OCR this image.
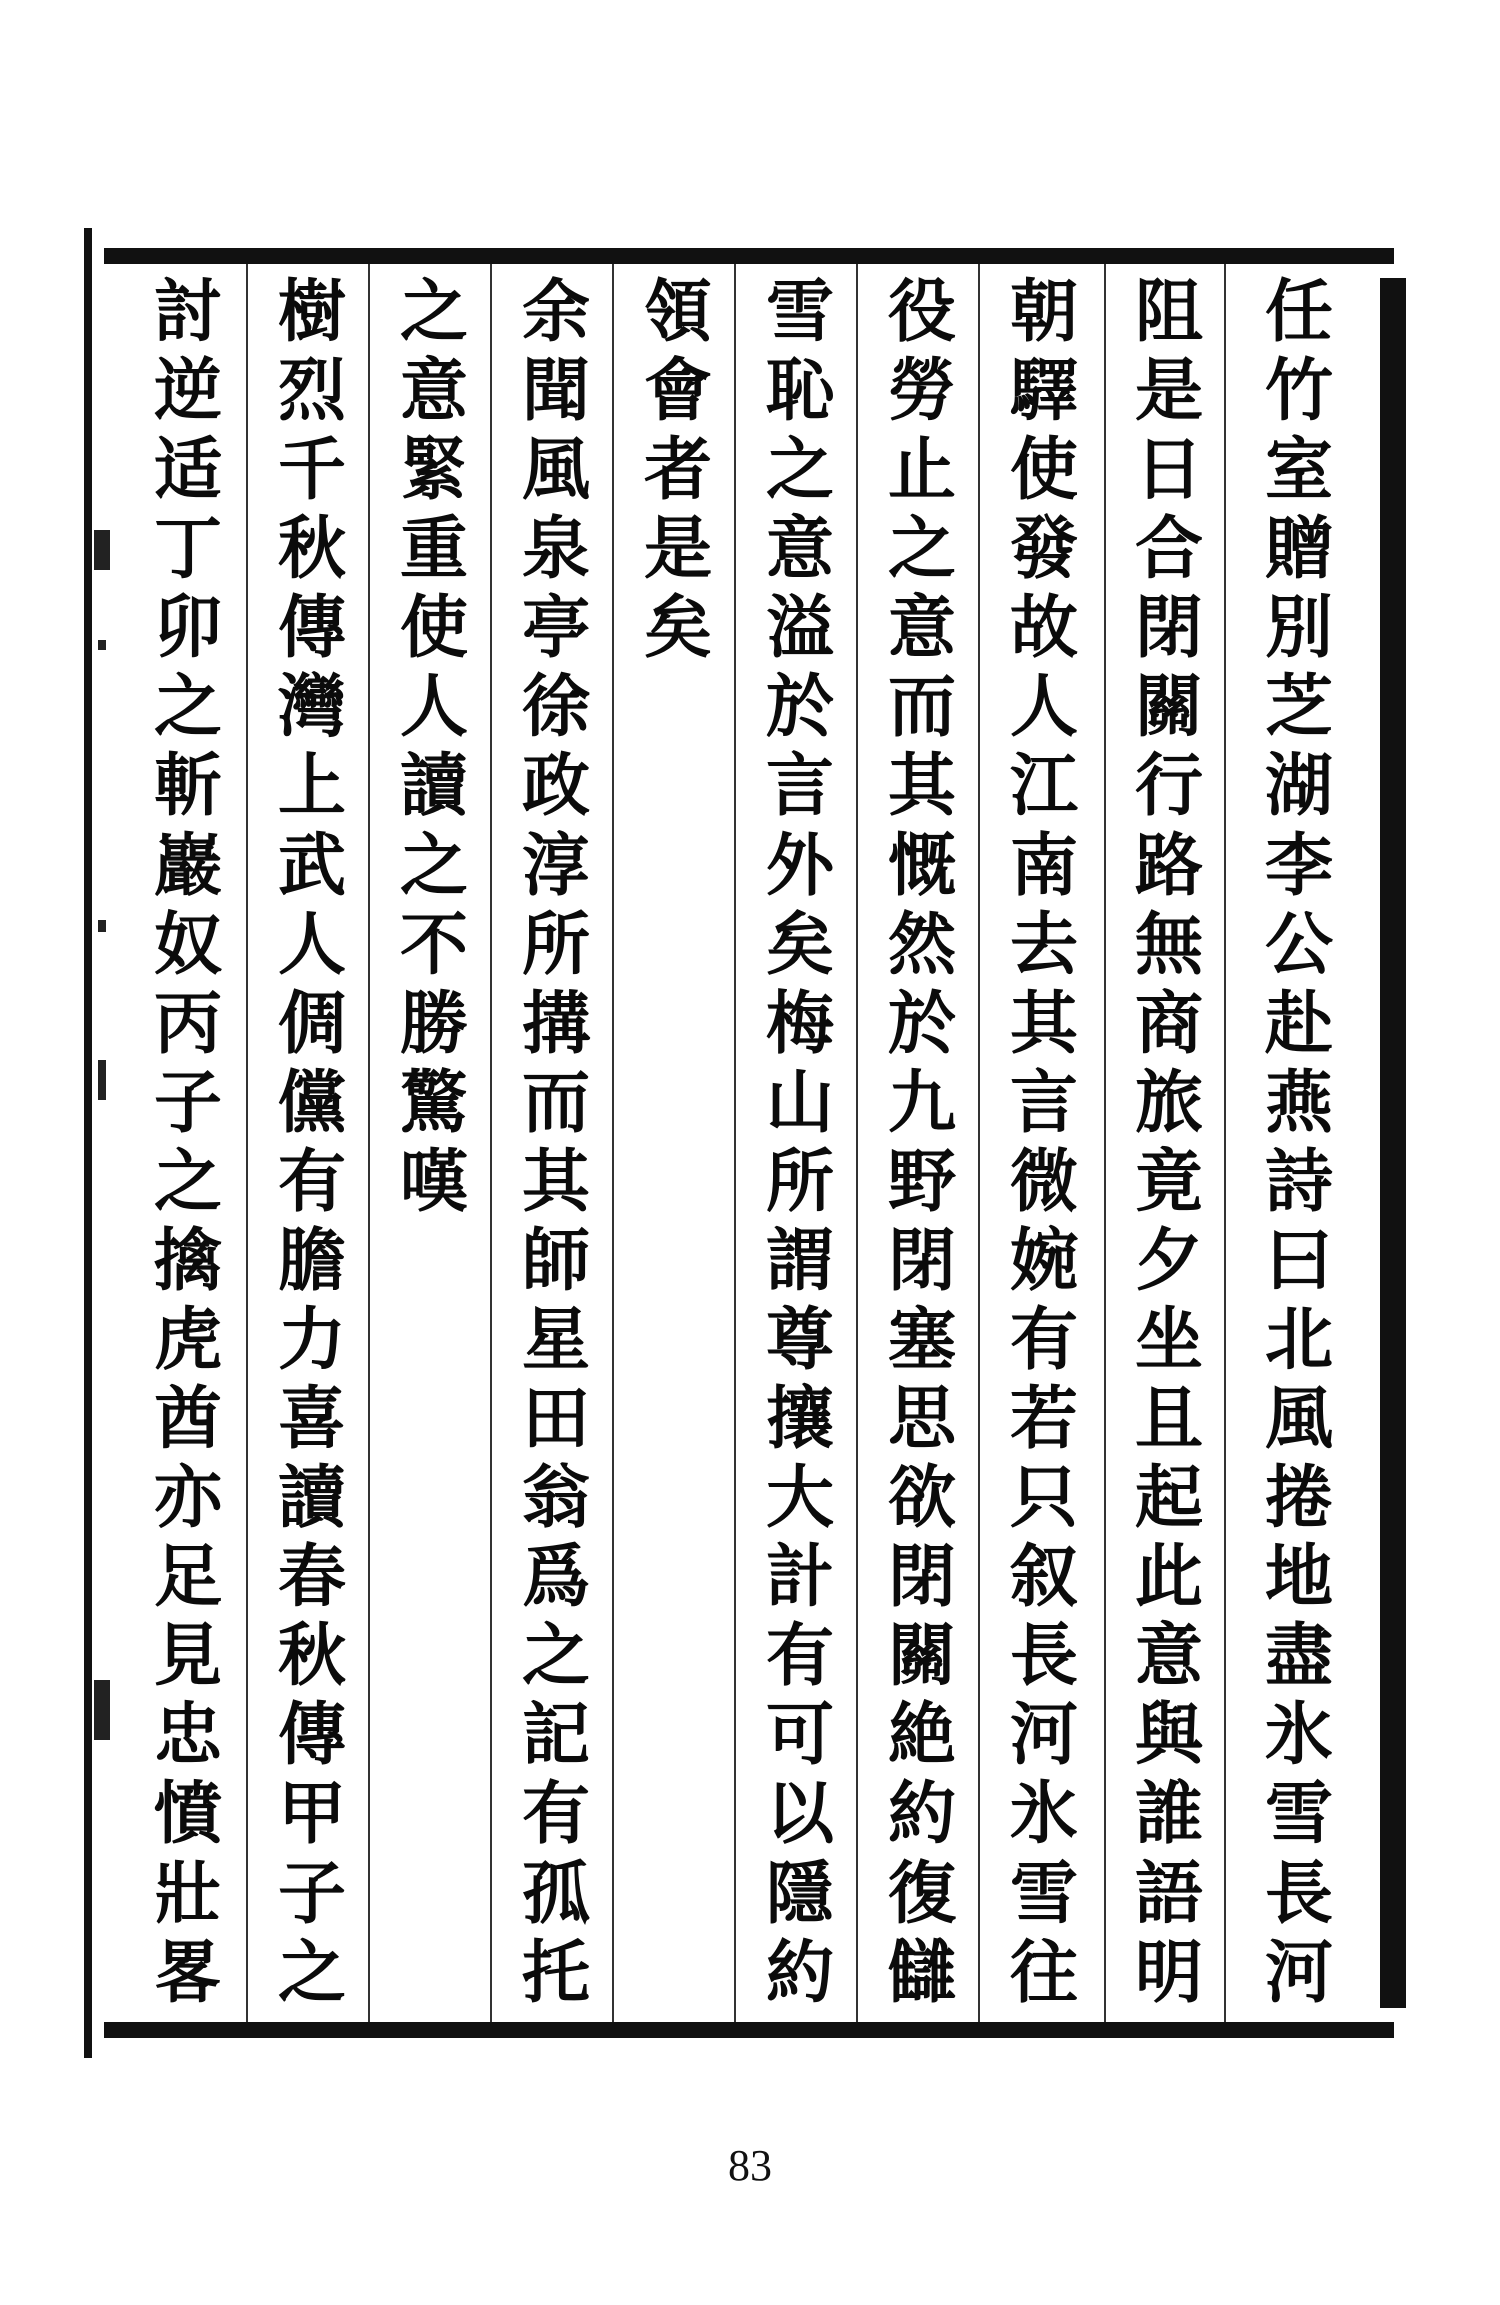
任
竹
室
贈
別
芝
湖
李
公
赴
燕
詩
曰
北
風
捲
地
盡
氷
雪
長
河
阻
是
日
合
閉
關
行
路
無
商
旅
竟
夕
坐
且
起
此
意
與
誰
語
明
朝
驛
使
發
故
人
江
南
去
其
言
微
婉
有
若
只
叙
長
河
氷
雪
往
役
勞
止
之
意
而
其
慨
然
於
九
野
閉
塞
思
欲
閉
關
絶
約
復
讎
雪
恥
之
意
溢
於
言
外
矣
梅
山
所
謂
尊
攘
大
計
有
可
以
隱
約
領
會
者
是
矣
余
聞
風
泉
亭
徐
政
淳
所
搆
而
其
師
星
田
翁
爲
之
記
有
孤
托
之
意
緊
重
使
人
讀
之
不
勝
驚
嘆
樹
烈
千
秋
傳
灣
上
武
人
倜
儻
有
膽
力
喜
讀
春
秋
傳
甲
子
之
討
逆
适
丁
卯
之
斬
巖
奴
丙
子
之
擒
虎
酋
亦
足
見
忠
憤
壯
畧
83
